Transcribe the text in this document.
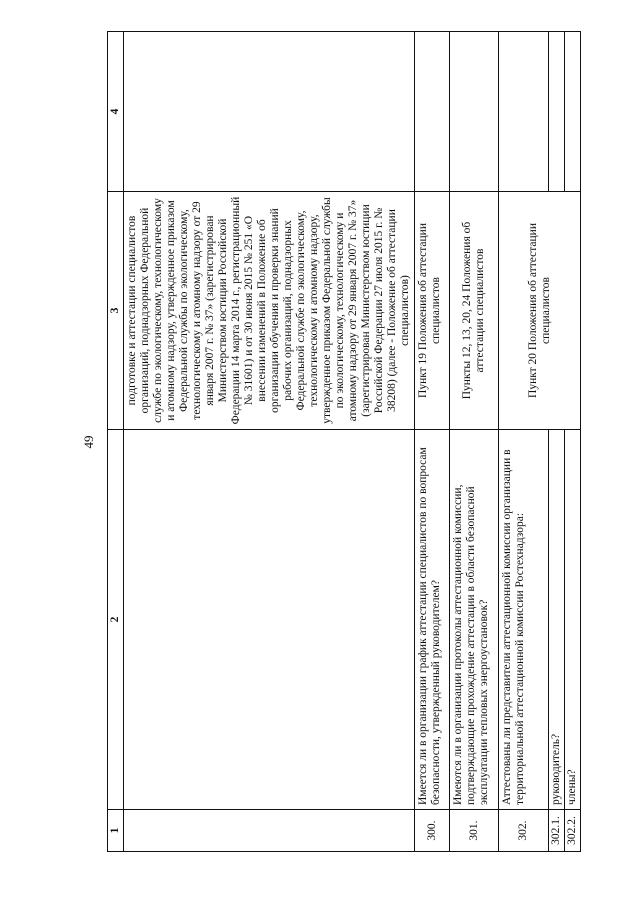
49
1	2	3	4
		подготовке и аттестации специалистов организаций, поднадзорных Федеральной службе по экологическому, технологическому и атомному надзору, утвержденное приказом Федеральной службы по экологическому, технологическому и атомному надзору от 29 января 2007 г. № 37» (зарегистрирован Министерством юстиции Российской Федерации 14 марта 2014 г., регистрационный № 31601) и от 30 июня 2015 № 251 «О внесении изменений в Положение об организации обучения и проверки знаний рабочих организаций, поднадзорных Федеральной службе по экологическому, технологическому и атомному надзору, утвержденное приказом Федеральной службы по экологическому, технологическому и атомному надзору от 29 января 2007 г. № 37» (зарегистрирован Министерством юстиции Российской Федерации 27 июля 2015 г. № 38208) (далее - Положение об аттестации специалистов)	
300.	Имеется ли в организации график аттестации специалистов по вопросам безопасности, утвержденный руководителем?	Пункт 19 Положения об аттестации специалистов	
301.	Имеются ли в организации протоколы аттестационной комиссии, подтверждающие прохождение аттестации в области безопасной эксплуатации тепловых энергоустановок?	Пункты 12, 13, 20, 24 Положения об аттестации специалистов	
302.	Аттестованы ли представители аттестационной комиссии организации в территориальной аттестационной комиссии Ростехнадзора:	Пункт 20 Положения об аттестации специалистов	
302.1.	руководитель?		
302.2.	члены?		
